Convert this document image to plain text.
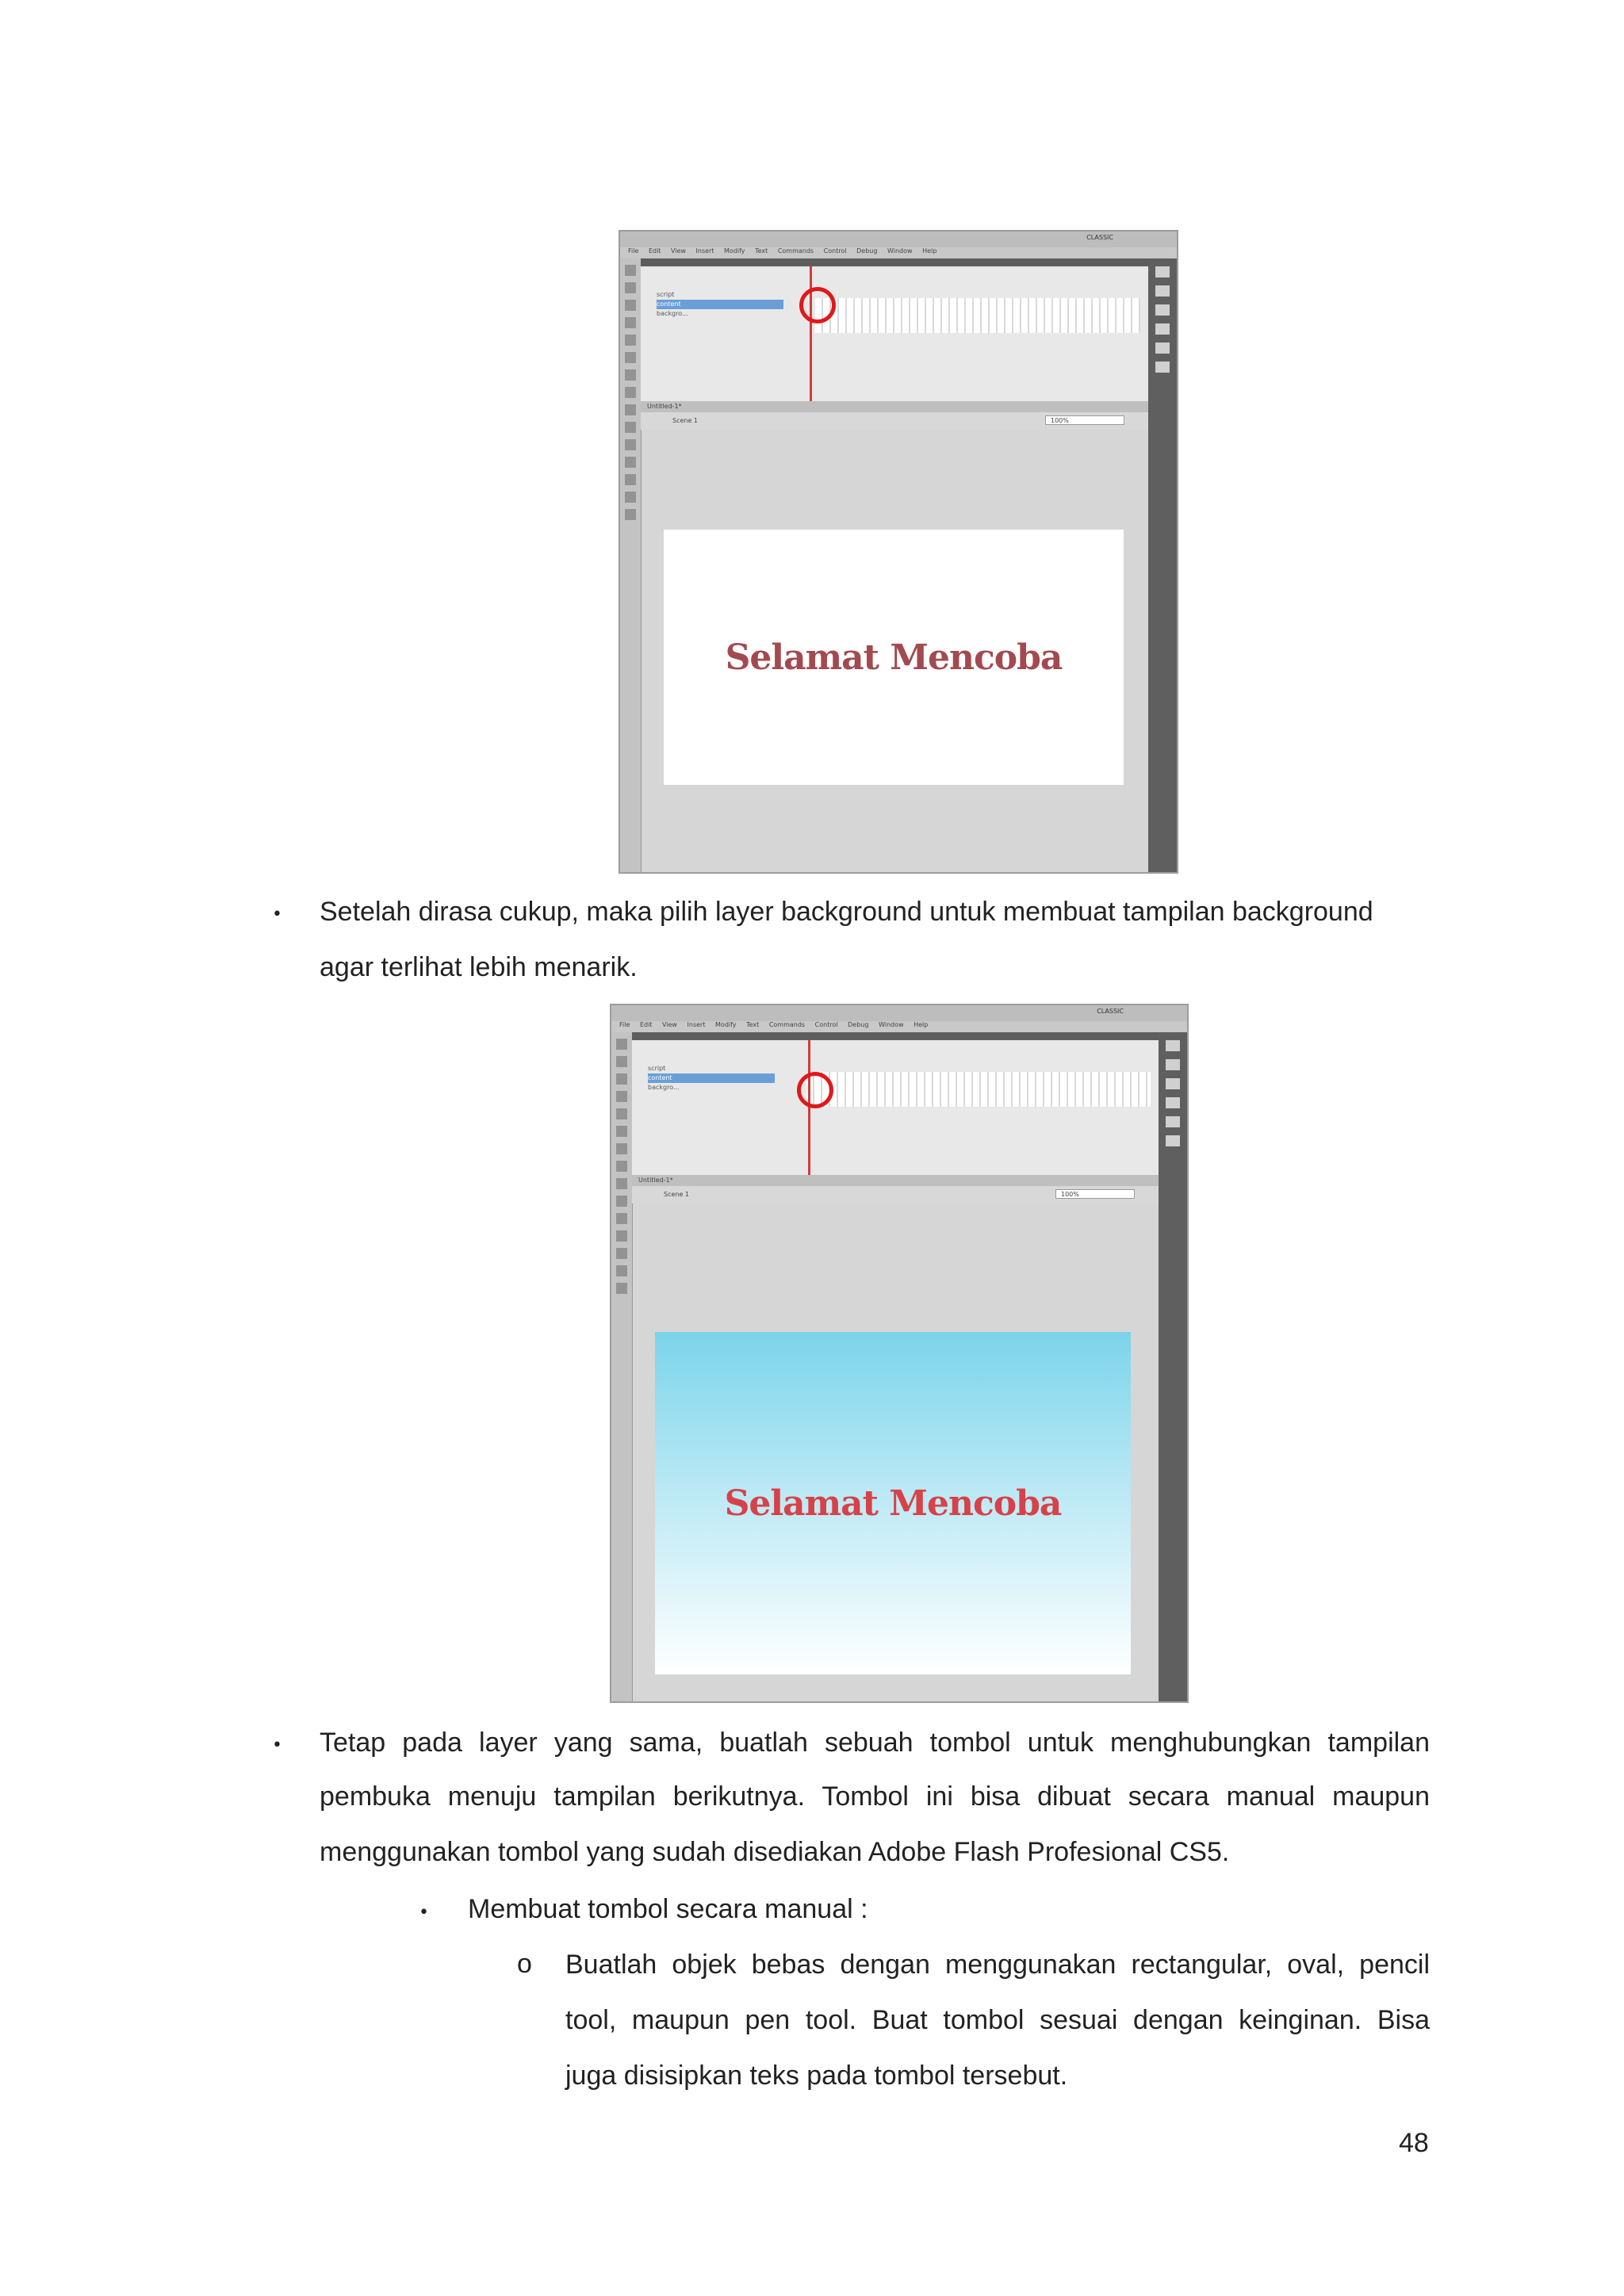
CLASSIC
File Edit View Insert Modify Text Commands Control Debug Window Help
script
content
backgro...
Untitled-1*
Scene 1	100%
Selamat Mencoba
• Setelah dirasa cukup, maka pilih layer background untuk membuat tampilan background
agar terlihat lebih menarik.
CLASSIC
File Edit View Insert Modify Text Commands Control Debug Window Help
script
content
backgro...
Untitled-1*
Scene 1	100%
Selamat Mencoba
• Tetap pada layer yang sama, buatlah sebuah tombol untuk menghubungkan tampilan
pembuka menuju tampilan berikutnya. Tombol ini bisa dibuat secara manual maupun
menggunakan tombol yang sudah disediakan Adobe Flash Profesional CS5.
• Membuat tombol secara manual :
o Buatlah objek bebas dengan menggunakan rectangular, oval, pencil
tool, maupun pen tool. Buat tombol sesuai dengan keinginan. Bisa
juga disisipkan teks pada tombol tersebut.
48
